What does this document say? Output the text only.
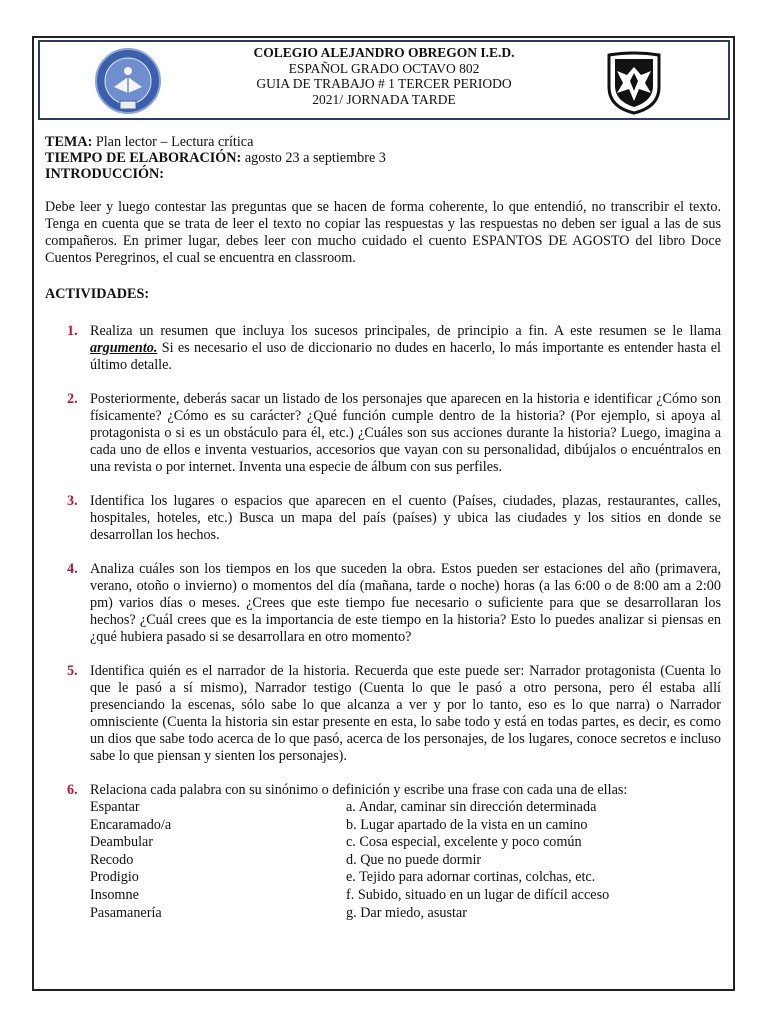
COLEGIO ALEJANDRO OBREGON I.E.D.
ESPAÑOL GRADO OCTAVO 802
GUIA DE TRABAJO # 1 TERCER PERIODO
2021/ JORNADA TARDE

TEMA: Plan lector – Lectura crítica

TIEMPO DE ELABORACIÓN: agosto 23 a septiembre 3

INTRODUCCIÓN:

Debe leer y luego contestar las preguntas que se hacen de forma coherente, lo que entendió, no transcribir el texto. Tenga en cuenta que se trata de leer el texto no copiar las respuestas y las respuestas no deben ser igual a las de sus compañeros. En primer lugar, debes leer con mucho cuidado el cuento ESPANTOS DE AGOSTO del libro Doce Cuentos Peregrinos, el cual se encuentra en classroom.

ACTIVIDADES:

1. Realiza un resumen que incluya los sucesos principales, de principio a fin. A este resumen se le llama argumento. Si es necesario el uso de diccionario no dudes en hacerlo, lo más importante es entender hasta el último detalle.
2. Posteriormente, deberás sacar un listado de los personajes que aparecen en la historia e identificar ¿Cómo son físicamente? ¿Cómo es su carácter? ¿Qué función cumple dentro de la historia? (Por ejemplo, si apoya al protagonista o si es un obstáculo para él, etc.) ¿Cuáles son sus acciones durante la historia? Luego, imagina a cada uno de ellos e inventa vestuarios, accesorios que vayan con su personalidad, dibújalos o encuéntralos en una revista o por internet. Inventa una especie de álbum con sus perfiles.
3. Identifica los lugares o espacios que aparecen en el cuento (Países, ciudades, plazas, restaurantes, calles, hospitales, hoteles, etc.) Busca un mapa del país (países) y ubica las ciudades y los sitios en donde se desarrollan los hechos.
4. Analiza cuáles son los tiempos en los que suceden la obra. Estos pueden ser estaciones del año (primavera, verano, otoño o invierno) o momentos del día (mañana, tarde o noche) horas (a las 6:00 o de 8:00 am a 2:00 pm) varios días o meses. ¿Crees que este tiempo fue necesario o suficiente para que se desarrollaran los hechos? ¿Cuál crees que es la importancia de este tiempo en la historia? Esto lo puedes analizar si piensas en ¿qué hubiera pasado si se desarrollara en otro momento?
5. Identifica quién es el narrador de la historia. Recuerda que este puede ser: Narrador protagonista (Cuenta lo que le pasó a sí mismo), Narrador testigo (Cuenta lo que le pasó a otro persona, pero él estaba allí presenciando la escenas, sólo sabe lo que alcanza a ver y por lo tanto, eso es lo que narra) o Narrador omnisciente (Cuenta la historia sin estar presente en esta, lo sabe todo y está en todas partes, es decir, es como un dios que sabe todo acerca de lo que pasó, acerca de los personajes, de los lugares, conoce secretos e incluso sabe lo que piensan y sienten los personajes).
6. Relaciona cada palabra con su sinónimo o definición y escribe una frase con cada una de ellas:
Espantar	a. Andar, caminar sin dirección determinada
Encaramado/a	b. Lugar apartado de la vista en un camino
Deambular	c. Cosa especial, excelente y poco común
Recodo	d. Que no puede dormir
Prodigio	e. Tejido para adornar cortinas, colchas, etc.
Insomne	f. Subido, situado en un lugar de difícil acceso
Pasamanería	g. Dar miedo, asustar
